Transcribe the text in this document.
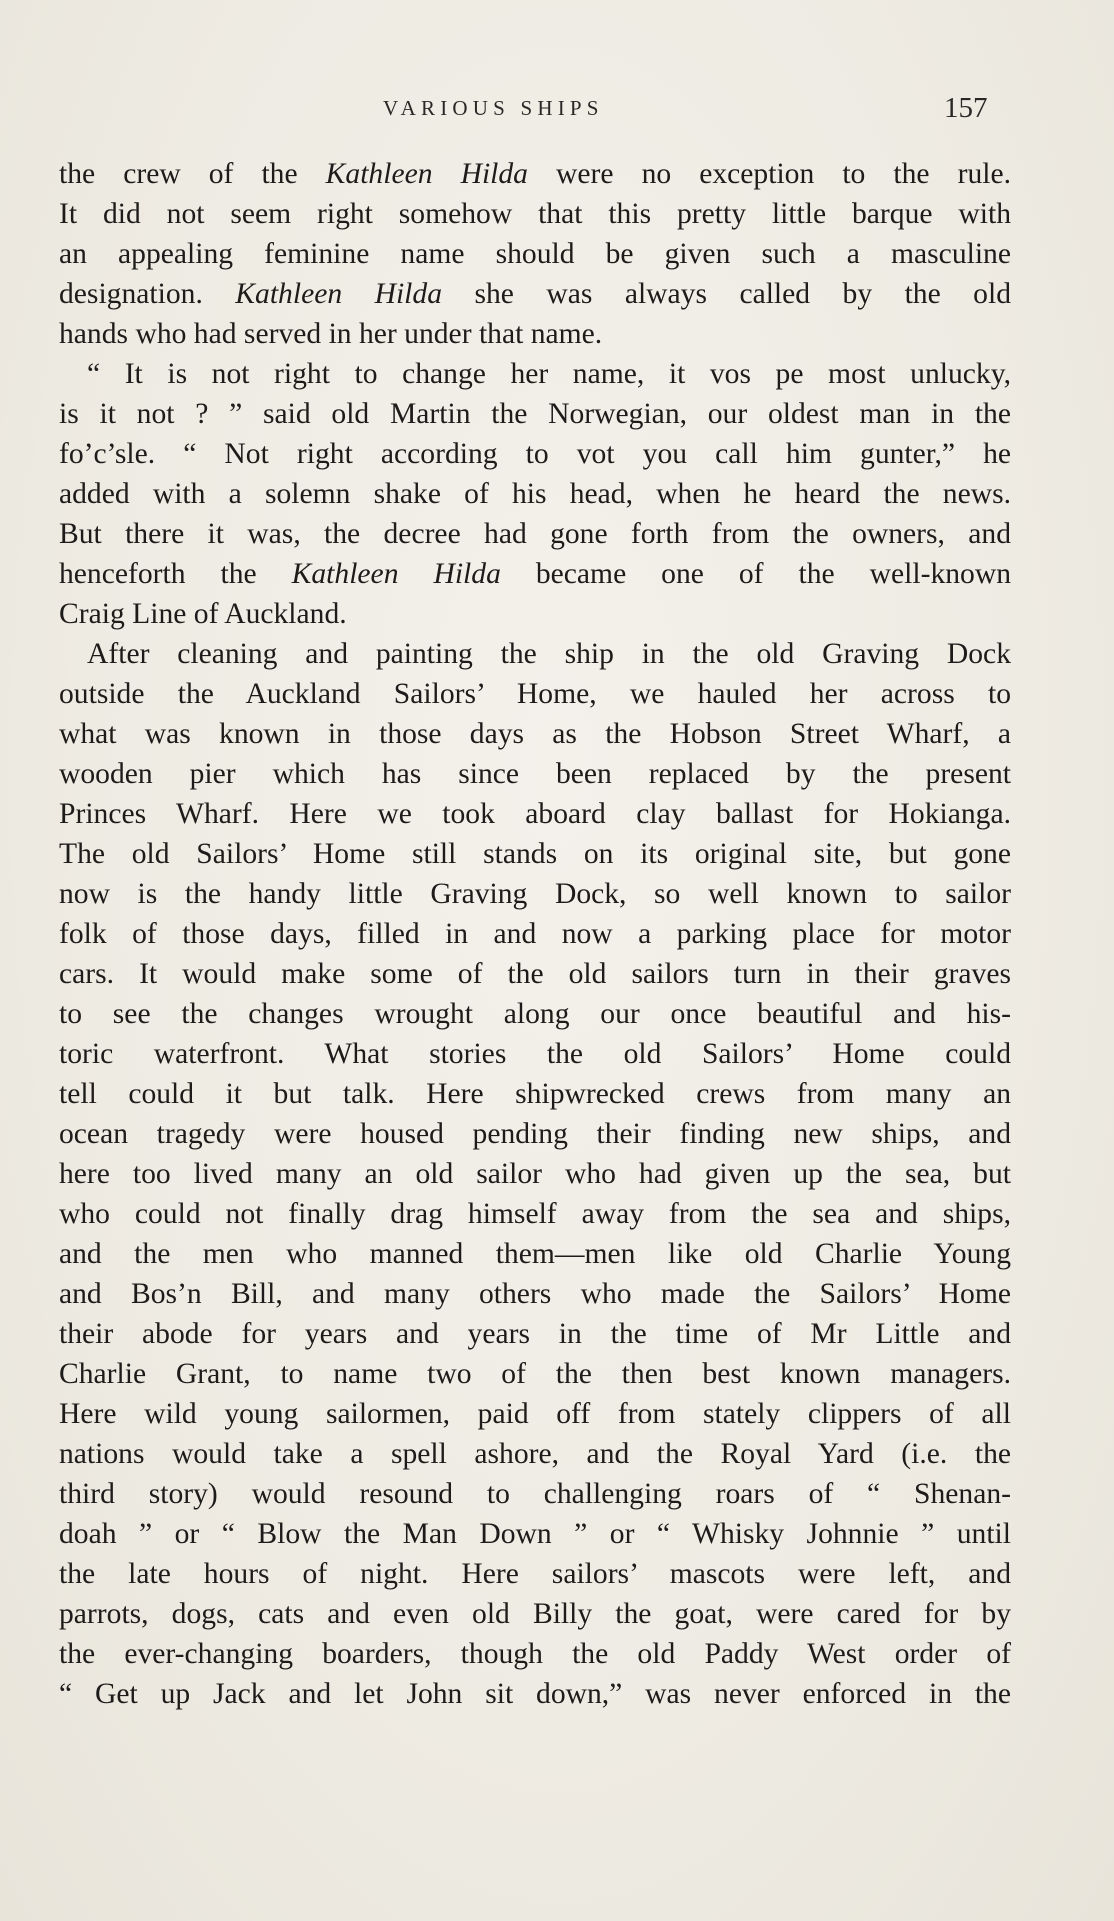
VARIOUS SHIPS	157
the crew of the Kathleen Hilda were no exception to the rule.
It did not seem right somehow that this pretty little barque with
an appealing feminine name should be given such a masculine
designation. Kathleen Hilda she was always called by the old
hands who had served in her under that name.
“ It is not right to change her name, it vos pe most unlucky,
is it not ? ” said old Martin the Norwegian, our oldest man in the
fo’c’sle. “ Not right according to vot you call him gunter,” he
added with a solemn shake of his head, when he heard the news.
But there it was, the decree had gone forth from the owners, and
henceforth the Kathleen Hilda became one of the well-known
Craig Line of Auckland.
After cleaning and painting the ship in the old Graving Dock
outside the Auckland Sailors’ Home, we hauled her across to
what was known in those days as the Hobson Street Wharf, a
wooden pier which has since been replaced by the present
Princes Wharf. Here we took aboard clay ballast for Hokianga.
The old Sailors’ Home still stands on its original site, but gone
now is the handy little Graving Dock, so well known to sailor
folk of those days, filled in and now a parking place for motor
cars. It would make some of the old sailors turn in their graves
to see the changes wrought along our once beautiful and his-
toric waterfront. What stories the old Sailors’ Home could
tell could it but talk. Here shipwrecked crews from many an
ocean tragedy were housed pending their finding new ships, and
here too lived many an old sailor who had given up the sea, but
who could not finally drag himself away from the sea and ships,
and the men who manned them—men like old Charlie Young
and Bos’n Bill, and many others who made the Sailors’ Home
their abode for years and years in the time of Mr Little and
Charlie Grant, to name two of the then best known managers.
Here wild young sailormen, paid off from stately clippers of all
nations would take a spell ashore, and the Royal Yard (i.e. the
third story) would resound to challenging roars of “ Shenan-
doah ” or “ Blow the Man Down ” or “ Whisky Johnnie ” until
the late hours of night. Here sailors’ mascots were left, and
parrots, dogs, cats and even old Billy the goat, were cared for by
the ever-changing boarders, though the old Paddy West order of
“ Get up Jack and let John sit down,” was never enforced in the
